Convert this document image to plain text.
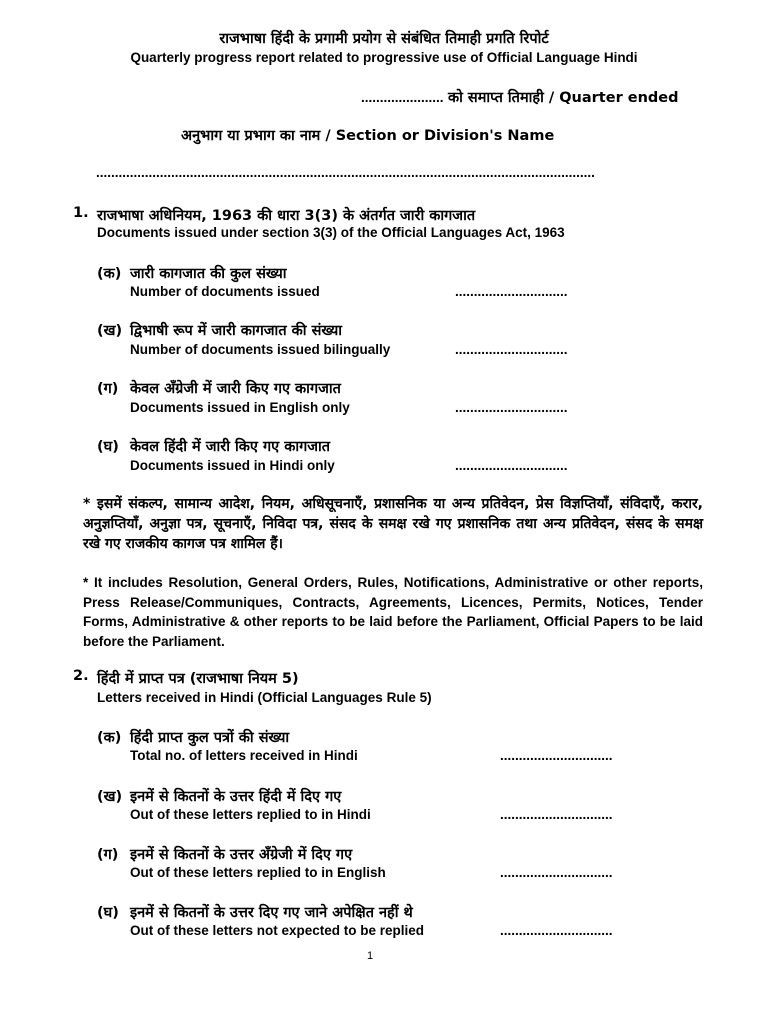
राजभाषा हिंदी के प्रगामी प्रयोग से संबंधित तिमाही प्रगति रिपोर्ट
Quarterly progress report related to progressive use of Official Language Hindi
...................... को समाप्त तिमाही / Quarter ended
अनुभाग या प्रभाग का नाम / Section or Division's Name
.....................................................................................................................................
1. राजभाषा अधिनियम, 1963 की धारा 3(3) के अंतर्गत जारी कागजात
Documents issued under section 3(3) of the Official Languages Act, 1963
(क) जारी कागजात की कुल संख्या
Number of documents issued	..............................
(ख) द्विभाषी रूप में जारी कागजात की संख्या
Number of documents issued bilingually	..............................
(ग) केवल अँग्रेजी में जारी किए गए कागजात
Documents issued in English only	..............................
(घ) केवल हिंदी में जारी किए गए कागजात
Documents issued in Hindi only	..............................
* इसमें संकल्प, सामान्य आदेश, नियम, अधिसूचनाएँ, प्रशासनिक या अन्य प्रतिवेदन, प्रेस विज्ञप्तियाँ, संविदाएँ, करार, अनुज्ञप्तियाँ, अनुज्ञा पत्र, सूचनाएँ, निविदा पत्र, संसद के समक्ष रखे गए प्रशासनिक तथा अन्य प्रतिवेदन, संसद के समक्ष रखे गए राजकीय कागज पत्र शामिल हैं।
* It includes Resolution, General Orders, Rules, Notifications, Administrative or other reports, Press Release/Communiques, Contracts, Agreements, Licences, Permits, Notices, Tender Forms, Administrative & other reports to be laid before the Parliament, Official Papers to be laid before the Parliament.
2. हिंदी में प्राप्त पत्र (राजभाषा नियम 5)
Letters received in Hindi (Official Languages Rule 5)
(क) हिंदी प्राप्त कुल पत्रों की संख्या
Total no. of letters received in Hindi	..............................
(ख) इनमें से कितनों के उत्तर हिंदी में दिए गए
Out of these letters replied to in Hindi	..............................
(ग) इनमें से कितनों के उत्तर अँग्रेजी में दिए गए
Out of these letters replied to in English	..............................
(घ) इनमें से कितनों के उत्तर दिए गए जाने अपेक्षित नहीं थे
Out of these letters not expected to be replied	..............................
1
